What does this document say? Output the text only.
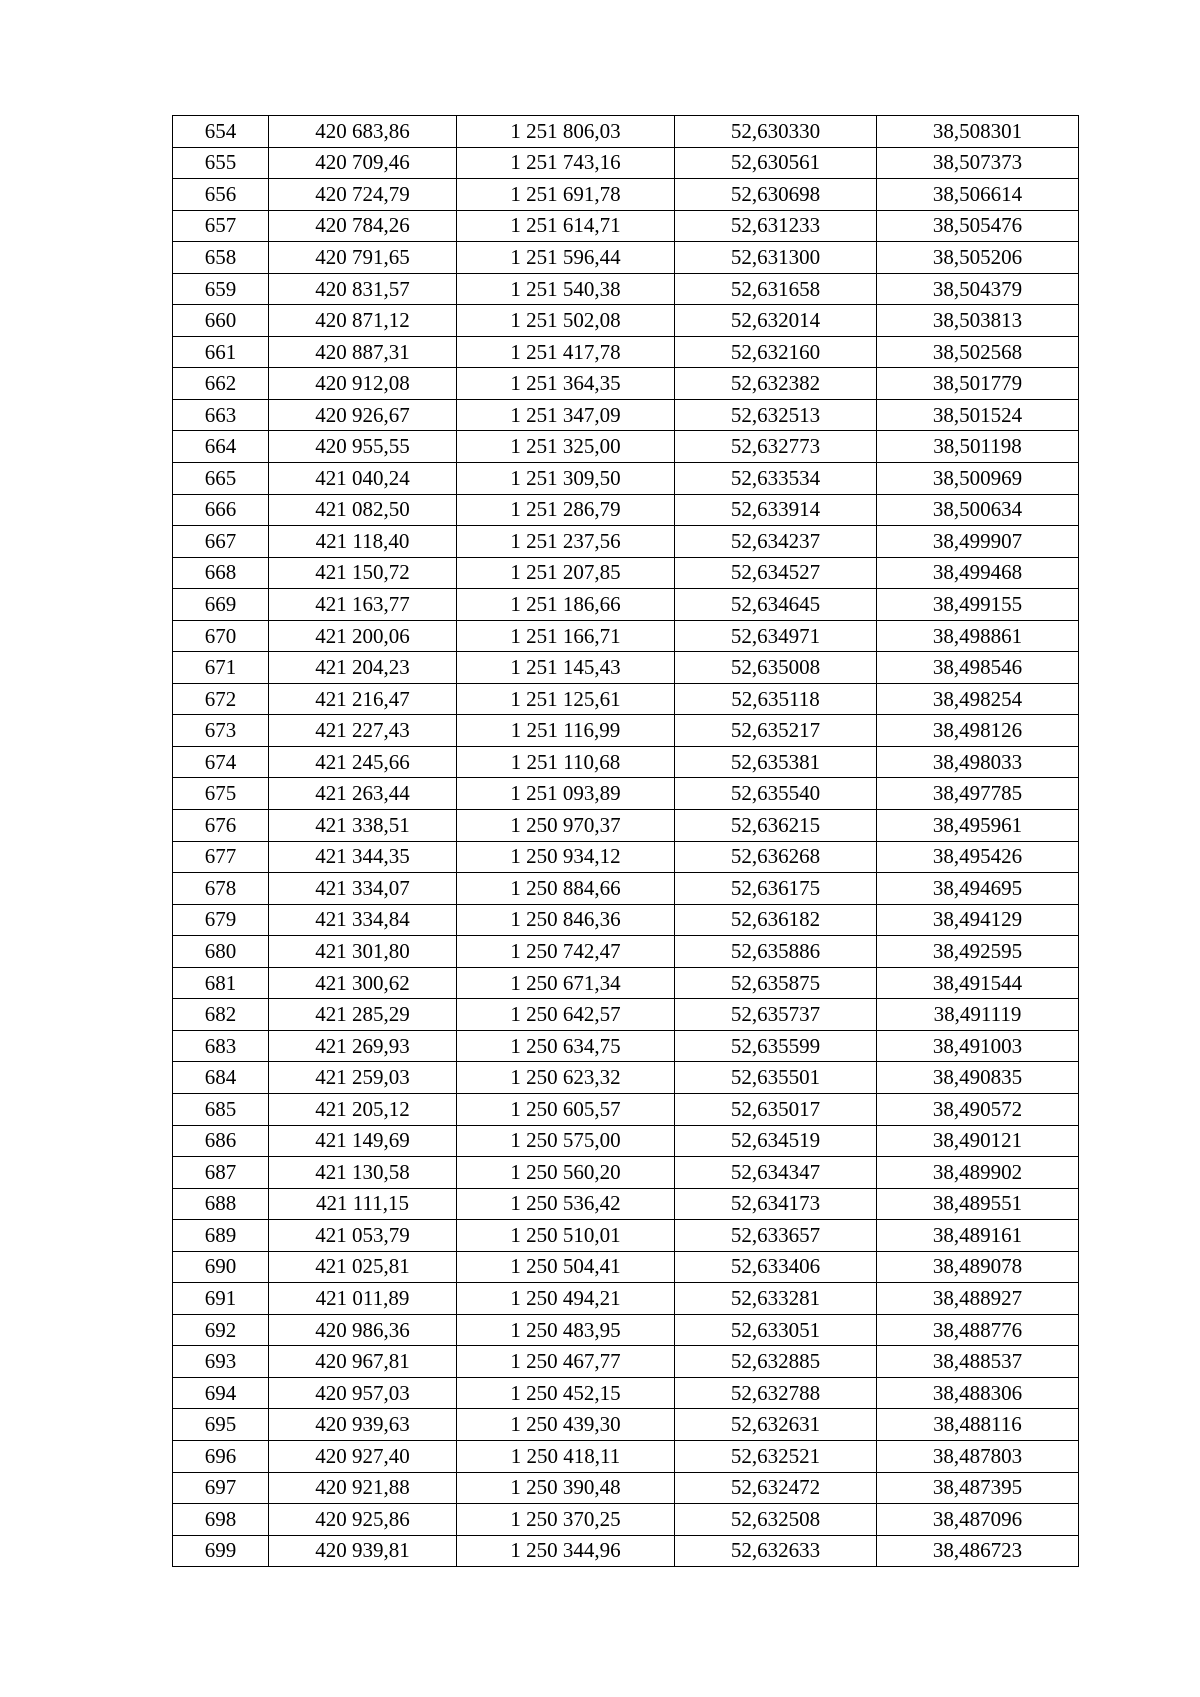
654	420 683,86	1 251 806,03	52,630330	38,508301
655	420 709,46	1 251 743,16	52,630561	38,507373
656	420 724,79	1 251 691,78	52,630698	38,506614
657	420 784,26	1 251 614,71	52,631233	38,505476
658	420 791,65	1 251 596,44	52,631300	38,505206
659	420 831,57	1 251 540,38	52,631658	38,504379
660	420 871,12	1 251 502,08	52,632014	38,503813
661	420 887,31	1 251 417,78	52,632160	38,502568
662	420 912,08	1 251 364,35	52,632382	38,501779
663	420 926,67	1 251 347,09	52,632513	38,501524
664	420 955,55	1 251 325,00	52,632773	38,501198
665	421 040,24	1 251 309,50	52,633534	38,500969
666	421 082,50	1 251 286,79	52,633914	38,500634
667	421 118,40	1 251 237,56	52,634237	38,499907
668	421 150,72	1 251 207,85	52,634527	38,499468
669	421 163,77	1 251 186,66	52,634645	38,499155
670	421 200,06	1 251 166,71	52,634971	38,498861
671	421 204,23	1 251 145,43	52,635008	38,498546
672	421 216,47	1 251 125,61	52,635118	38,498254
673	421 227,43	1 251 116,99	52,635217	38,498126
674	421 245,66	1 251 110,68	52,635381	38,498033
675	421 263,44	1 251 093,89	52,635540	38,497785
676	421 338,51	1 250 970,37	52,636215	38,495961
677	421 344,35	1 250 934,12	52,636268	38,495426
678	421 334,07	1 250 884,66	52,636175	38,494695
679	421 334,84	1 250 846,36	52,636182	38,494129
680	421 301,80	1 250 742,47	52,635886	38,492595
681	421 300,62	1 250 671,34	52,635875	38,491544
682	421 285,29	1 250 642,57	52,635737	38,491119
683	421 269,93	1 250 634,75	52,635599	38,491003
684	421 259,03	1 250 623,32	52,635501	38,490835
685	421 205,12	1 250 605,57	52,635017	38,490572
686	421 149,69	1 250 575,00	52,634519	38,490121
687	421 130,58	1 250 560,20	52,634347	38,489902
688	421 111,15	1 250 536,42	52,634173	38,489551
689	421 053,79	1 250 510,01	52,633657	38,489161
690	421 025,81	1 250 504,41	52,633406	38,489078
691	421 011,89	1 250 494,21	52,633281	38,488927
692	420 986,36	1 250 483,95	52,633051	38,488776
693	420 967,81	1 250 467,77	52,632885	38,488537
694	420 957,03	1 250 452,15	52,632788	38,488306
695	420 939,63	1 250 439,30	52,632631	38,488116
696	420 927,40	1 250 418,11	52,632521	38,487803
697	420 921,88	1 250 390,48	52,632472	38,487395
698	420 925,86	1 250 370,25	52,632508	38,487096
699	420 939,81	1 250 344,96	52,632633	38,486723
